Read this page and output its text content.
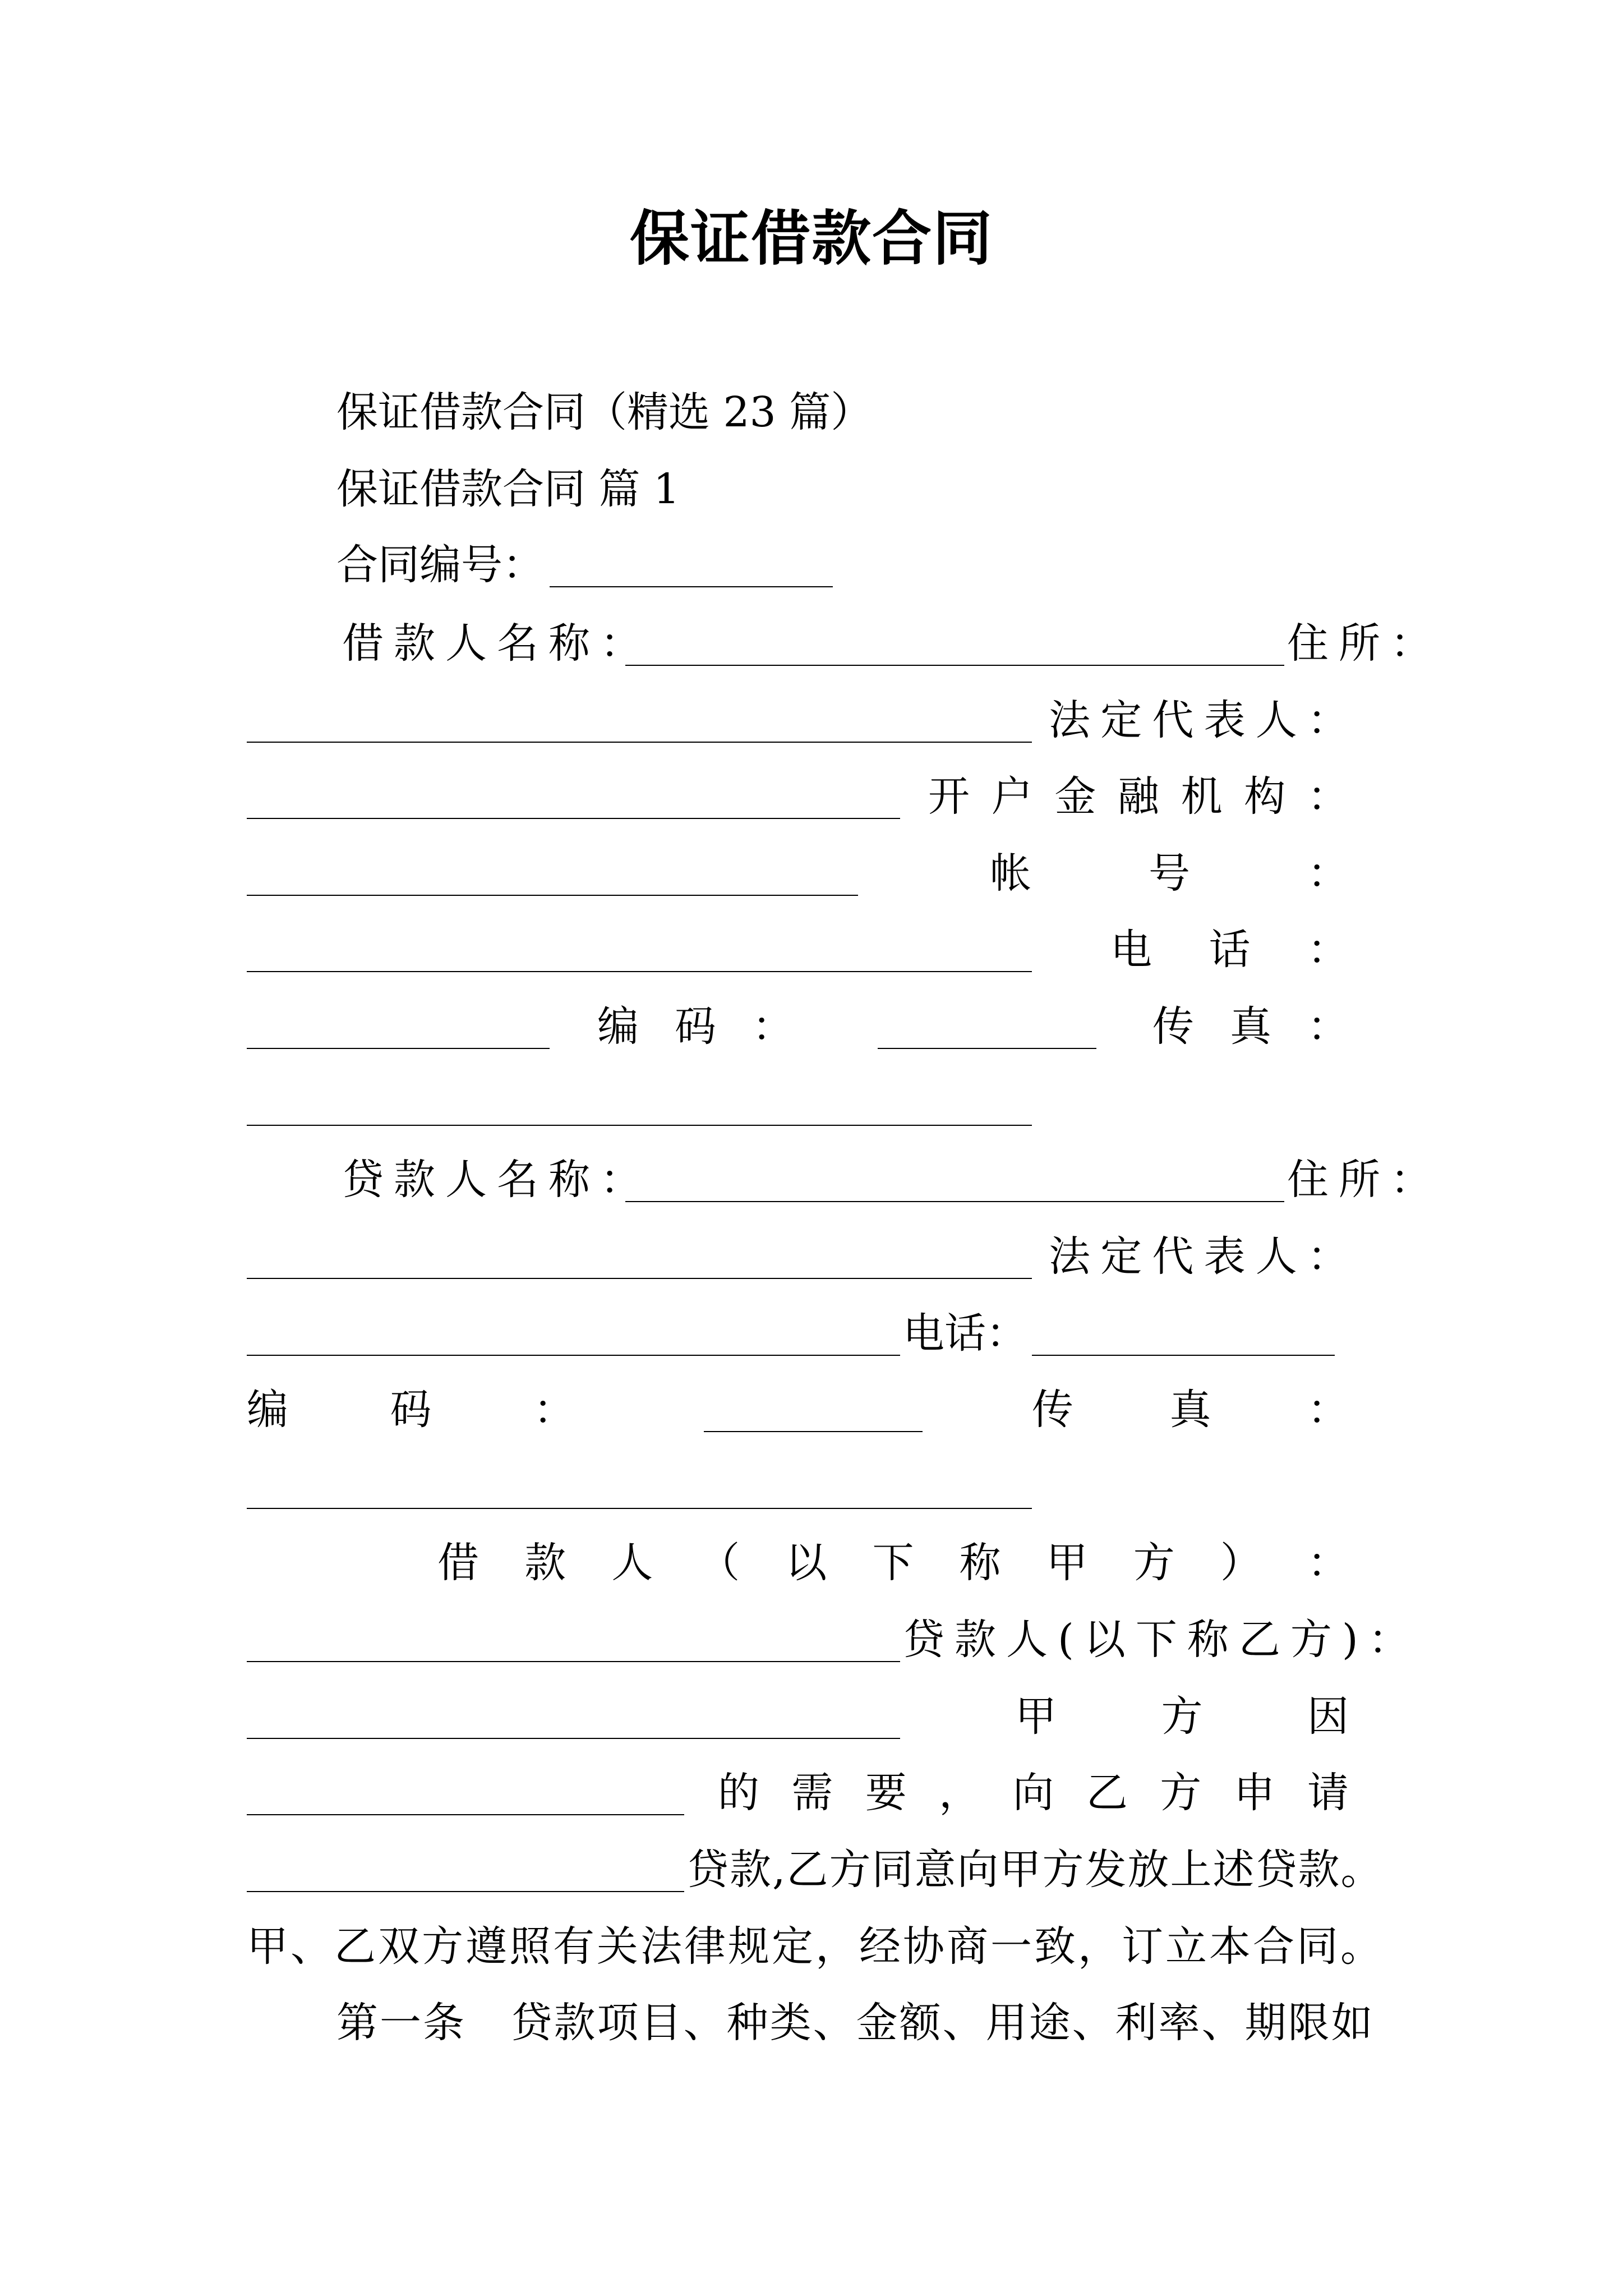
保证借款合同
保证借款合同（精选 23 篇）
保证借款合同 篇 1
合同编号：
借款人名称：	住所：
法 定 代 表 人 ：
开 户 金 融 机 构 ：
帐	号	：
电 话 ：
编 码 ：	传 真 ：
贷款人名称：	住所：
法 定 代 表 人 ：
电话：
编 码 ：	传 真 ：
借 款 人 （ 以 下 称 甲 方 ） ：
贷款人(以下称乙方)：
甲	方	因
的 需 要 ， 向 乙 方 申 请
贷款,乙方同意向甲方发放上述贷款。
甲、乙双方遵照有关法律规定，经协商一致，订立本合同。
第一条   贷款项目、种类、金额、用途、利率、期限如
